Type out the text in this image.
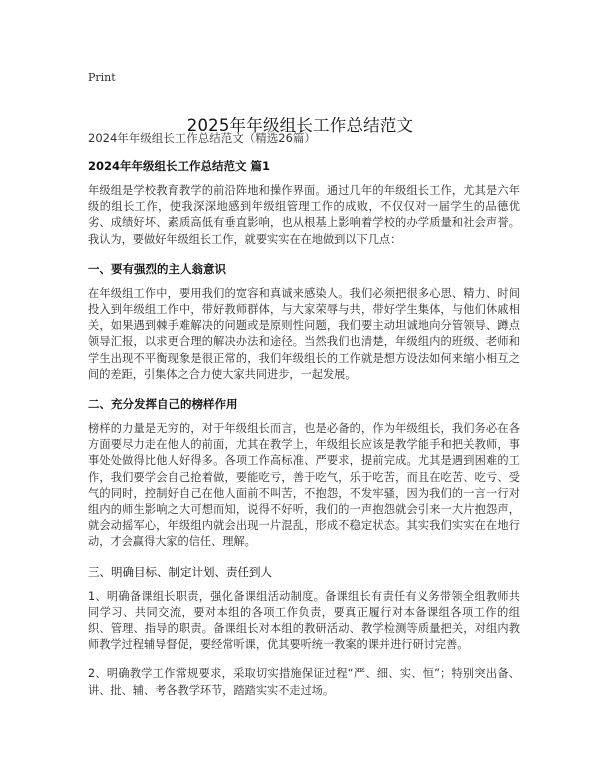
Print
2025年年级组长工作总结范文

2024年年级组长工作总结范文（精选26篇）

2024年年级组长工作总结范文 篇1

年级组是学校教育教学的前沿阵地和操作界面。通过几年的年级组长工作，尤其是六年级的组长工作，使我深深地感到年级组管理工作的成败，不仅仅对一届学生的品德优劣、成绩好坏、素质高低有垂直影响，也从根基上影响着学校的办学质量和社会声誉。我认为，要做好年级组长工作，就要实实在在地做到以下几点：

一、要有强烈的主人翁意识

在年级组工作中，要用我们的宽容和真诚来感染人。我们必须把很多心思、精力、时间投入到年级组工作中，带好教师群体，与大家荣辱与共，带好学生集体，与他们休戚相关，如果遇到棘手难解决的问题或是原则性问题，我们要主动坦诚地向分管领导、蹲点领导汇报，以求更合理的解决办法和途径。当然我们也清楚，年级组内的班级、老师和学生出现不平衡现象是很正常的，我们年级组长的工作就是想方设法如何来缩小相互之间的差距，引集体之合力使大家共同进步，一起发展。

二、充分发挥自己的榜样作用

榜样的力量是无穷的，对于年级组长而言，也是必备的，作为年级组长，我们务必在各方面要尽力走在他人的前面，尤其在教学上，年级组长应该是教学能手和把关教师，事事处处做得比他人好得多。各项工作高标准、严要求，提前完成。尤其是遇到困难的工作，我们要学会自己抢着做，要能吃亏，善于吃气，乐于吃苦，而且在吃苦、吃亏、受气的同时，控制好自己在他人面前不叫苦，不抱怨，不发牢骚，因为我们的一言一行对组内的师生影响之大可想而知，说得不好听，我们的一声抱怨就会引来一大片抱怨声，就会动摇军心，年级组内就会出现一片混乱，形成不稳定状态。其实我们实实在在地行动，才会赢得大家的信任、理解。

三、明确目标、制定计划、责任到人

1、明确备课组长职责，强化备课组活动制度。备课组长有责任有义务带领全组教师共同学习、共同交流，要对本组的各项工作负责，要真正履行对本备课组各项工作的组织、管理、指导的职责。备课组长对本组的教研活动、教学检测等质量把关，对组内教师教学过程辅导督促，要经常听课，优其要听统一教案的课并进行研讨完善。

2、明确教学工作常规要求，采取切实措施保证过程“严、细、实、恒”；特别突出备、讲、批、辅、考各教学环节，踏踏实实不走过场。
